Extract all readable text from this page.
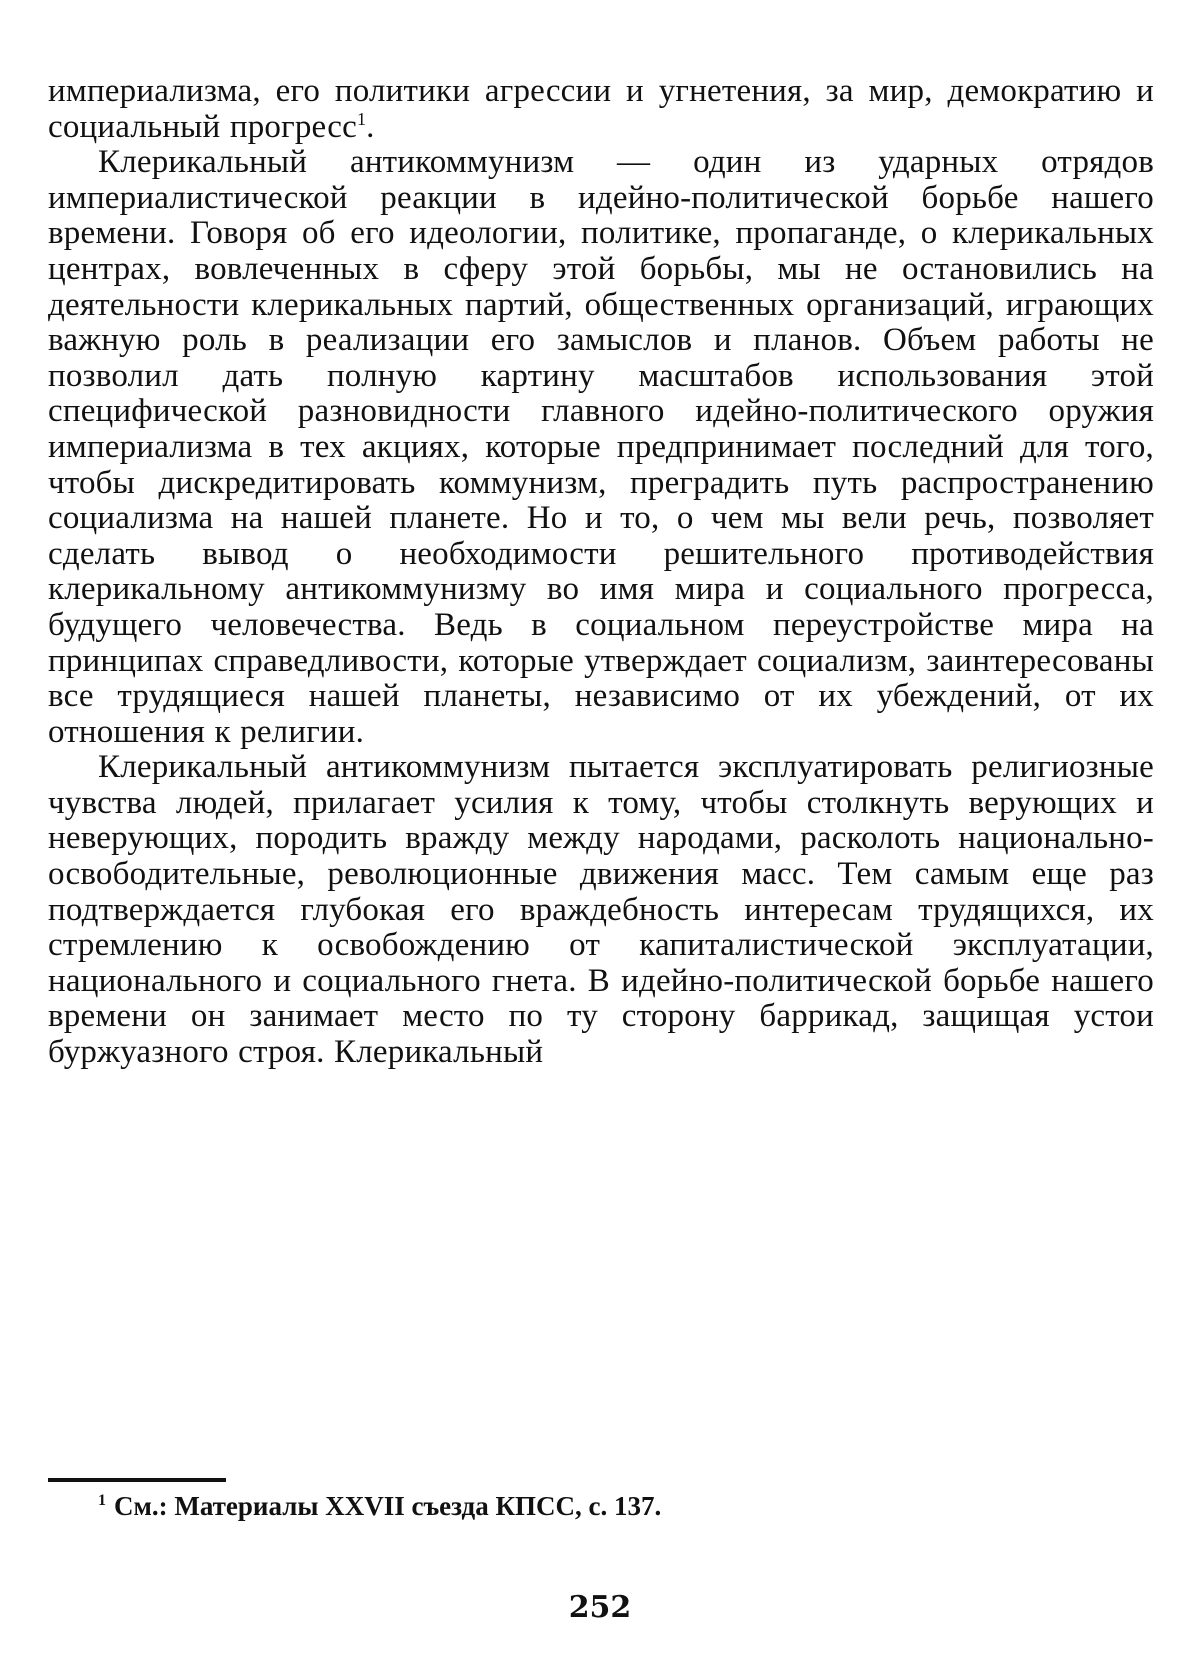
империализма, его политики агрессии и угнетения, за мир, демократию и социальный прогресс$^1$.

Клерикальный антикоммунизм — один из ударных отрядов империалистической реакции в идейно-политической борьбе нашего времени. Говоря об его идеологии, политике, пропаганде, о клерикальных центрах, вовлеченных в сферу этой борьбы, мы не остановились на деятельности клерикальных партий, общественных организаций, играющих важную роль в реализации его замыслов и планов. Объем работы не позволил дать полную картину масштабов использования этой специфической разновидности главного идейно-политического оружия империализма в тех акциях, которые предпринимает последний для того, чтобы дискредитировать коммунизм, преградить путь распространению социализма на нашей планете. Но и то, о чем мы вели речь, позволяет сделать вывод о необходимости решительного противодействия клерикальному антикоммунизму во имя мира и социального прогресса, будущего человечества. Ведь в социальном переустройстве мира на принципах справедливости, которые утверждает социализм, заинтересованы все трудящиеся нашей планеты, независимо от их убеждений, от их отношения к религии.

Клерикальный антикоммунизм пытается эксплуатировать религиозные чувства людей, прилагает усилия к тому, чтобы столкнуть верующих и неверующих, породить вражду между народами, расколоть национально-освободительные, революционные движения масс. Тем самым еще раз подтверждается глубокая его враждебность интересам трудящихся, их стремлению к освобождению от капиталистической эксплуатации, национального и социального гнета. В идейно-политической борьбе нашего времени он занимает место по ту сторону баррикад, защищая устои буржуазного строя. Клерикальный

$^1$ См.: Материалы XXVII съезда КПСС, с. 137.
252
